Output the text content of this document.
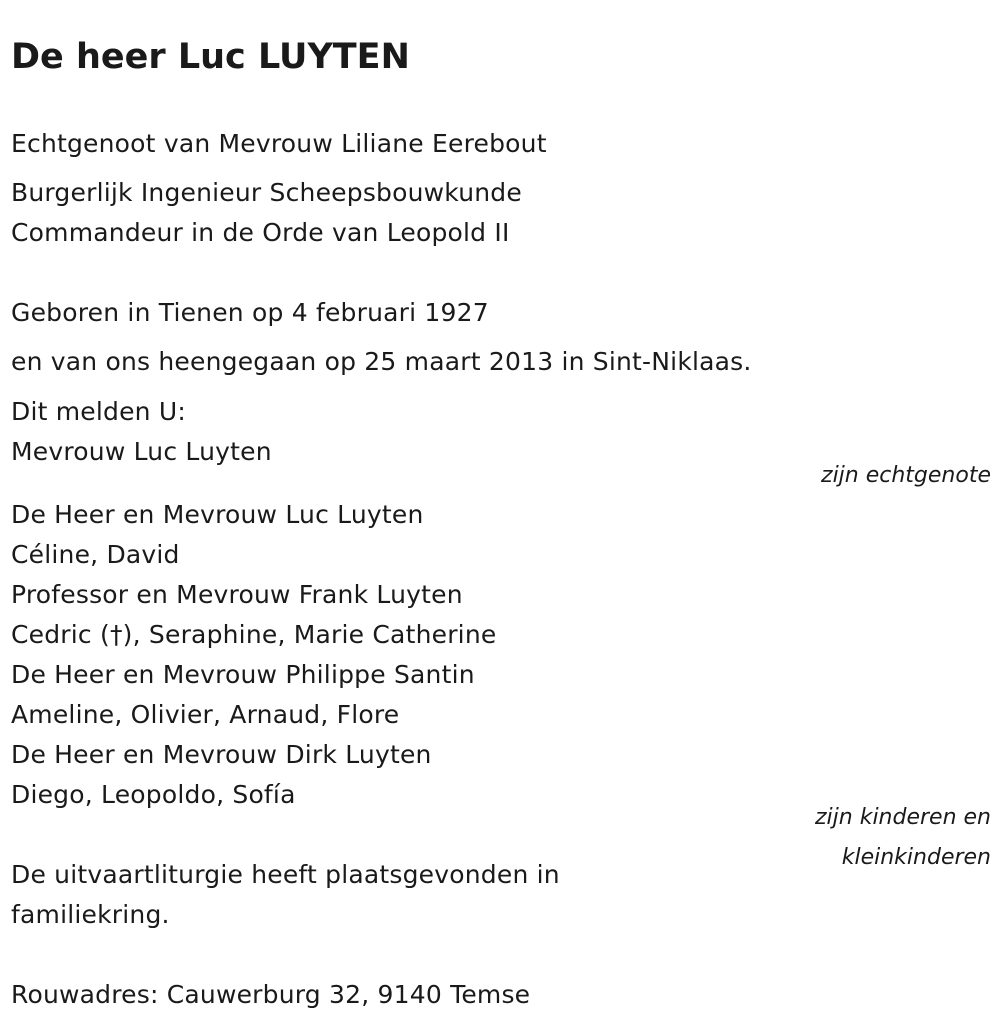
De heer Luc LUYTEN
Echtgenoot van Mevrouw Liliane Eerebout
Burgerlijk Ingenieur Scheepsbouwkunde
Commandeur in de Orde van Leopold II
Geboren in Tienen op 4 februari 1927
en van ons heengegaan op 25 maart 2013 in Sint-Niklaas.
Dit melden U:
Mevrouw Luc Luyten
zijn echtgenote
De Heer en Mevrouw Luc Luyten
Céline, David
Professor en Mevrouw Frank Luyten
Cedric (†), Seraphine, Marie Catherine
De Heer en Mevrouw Philippe Santin
Ameline, Olivier, Arnaud, Flore
De Heer en Mevrouw Dirk Luyten
Diego, Leopoldo, Sofía
zijn kinderen en
kleinkinderen
De uitvaartliturgie heeft plaatsgevonden in
familiekring.
Rouwadres: Cauwerburg 32, 9140 Temse
